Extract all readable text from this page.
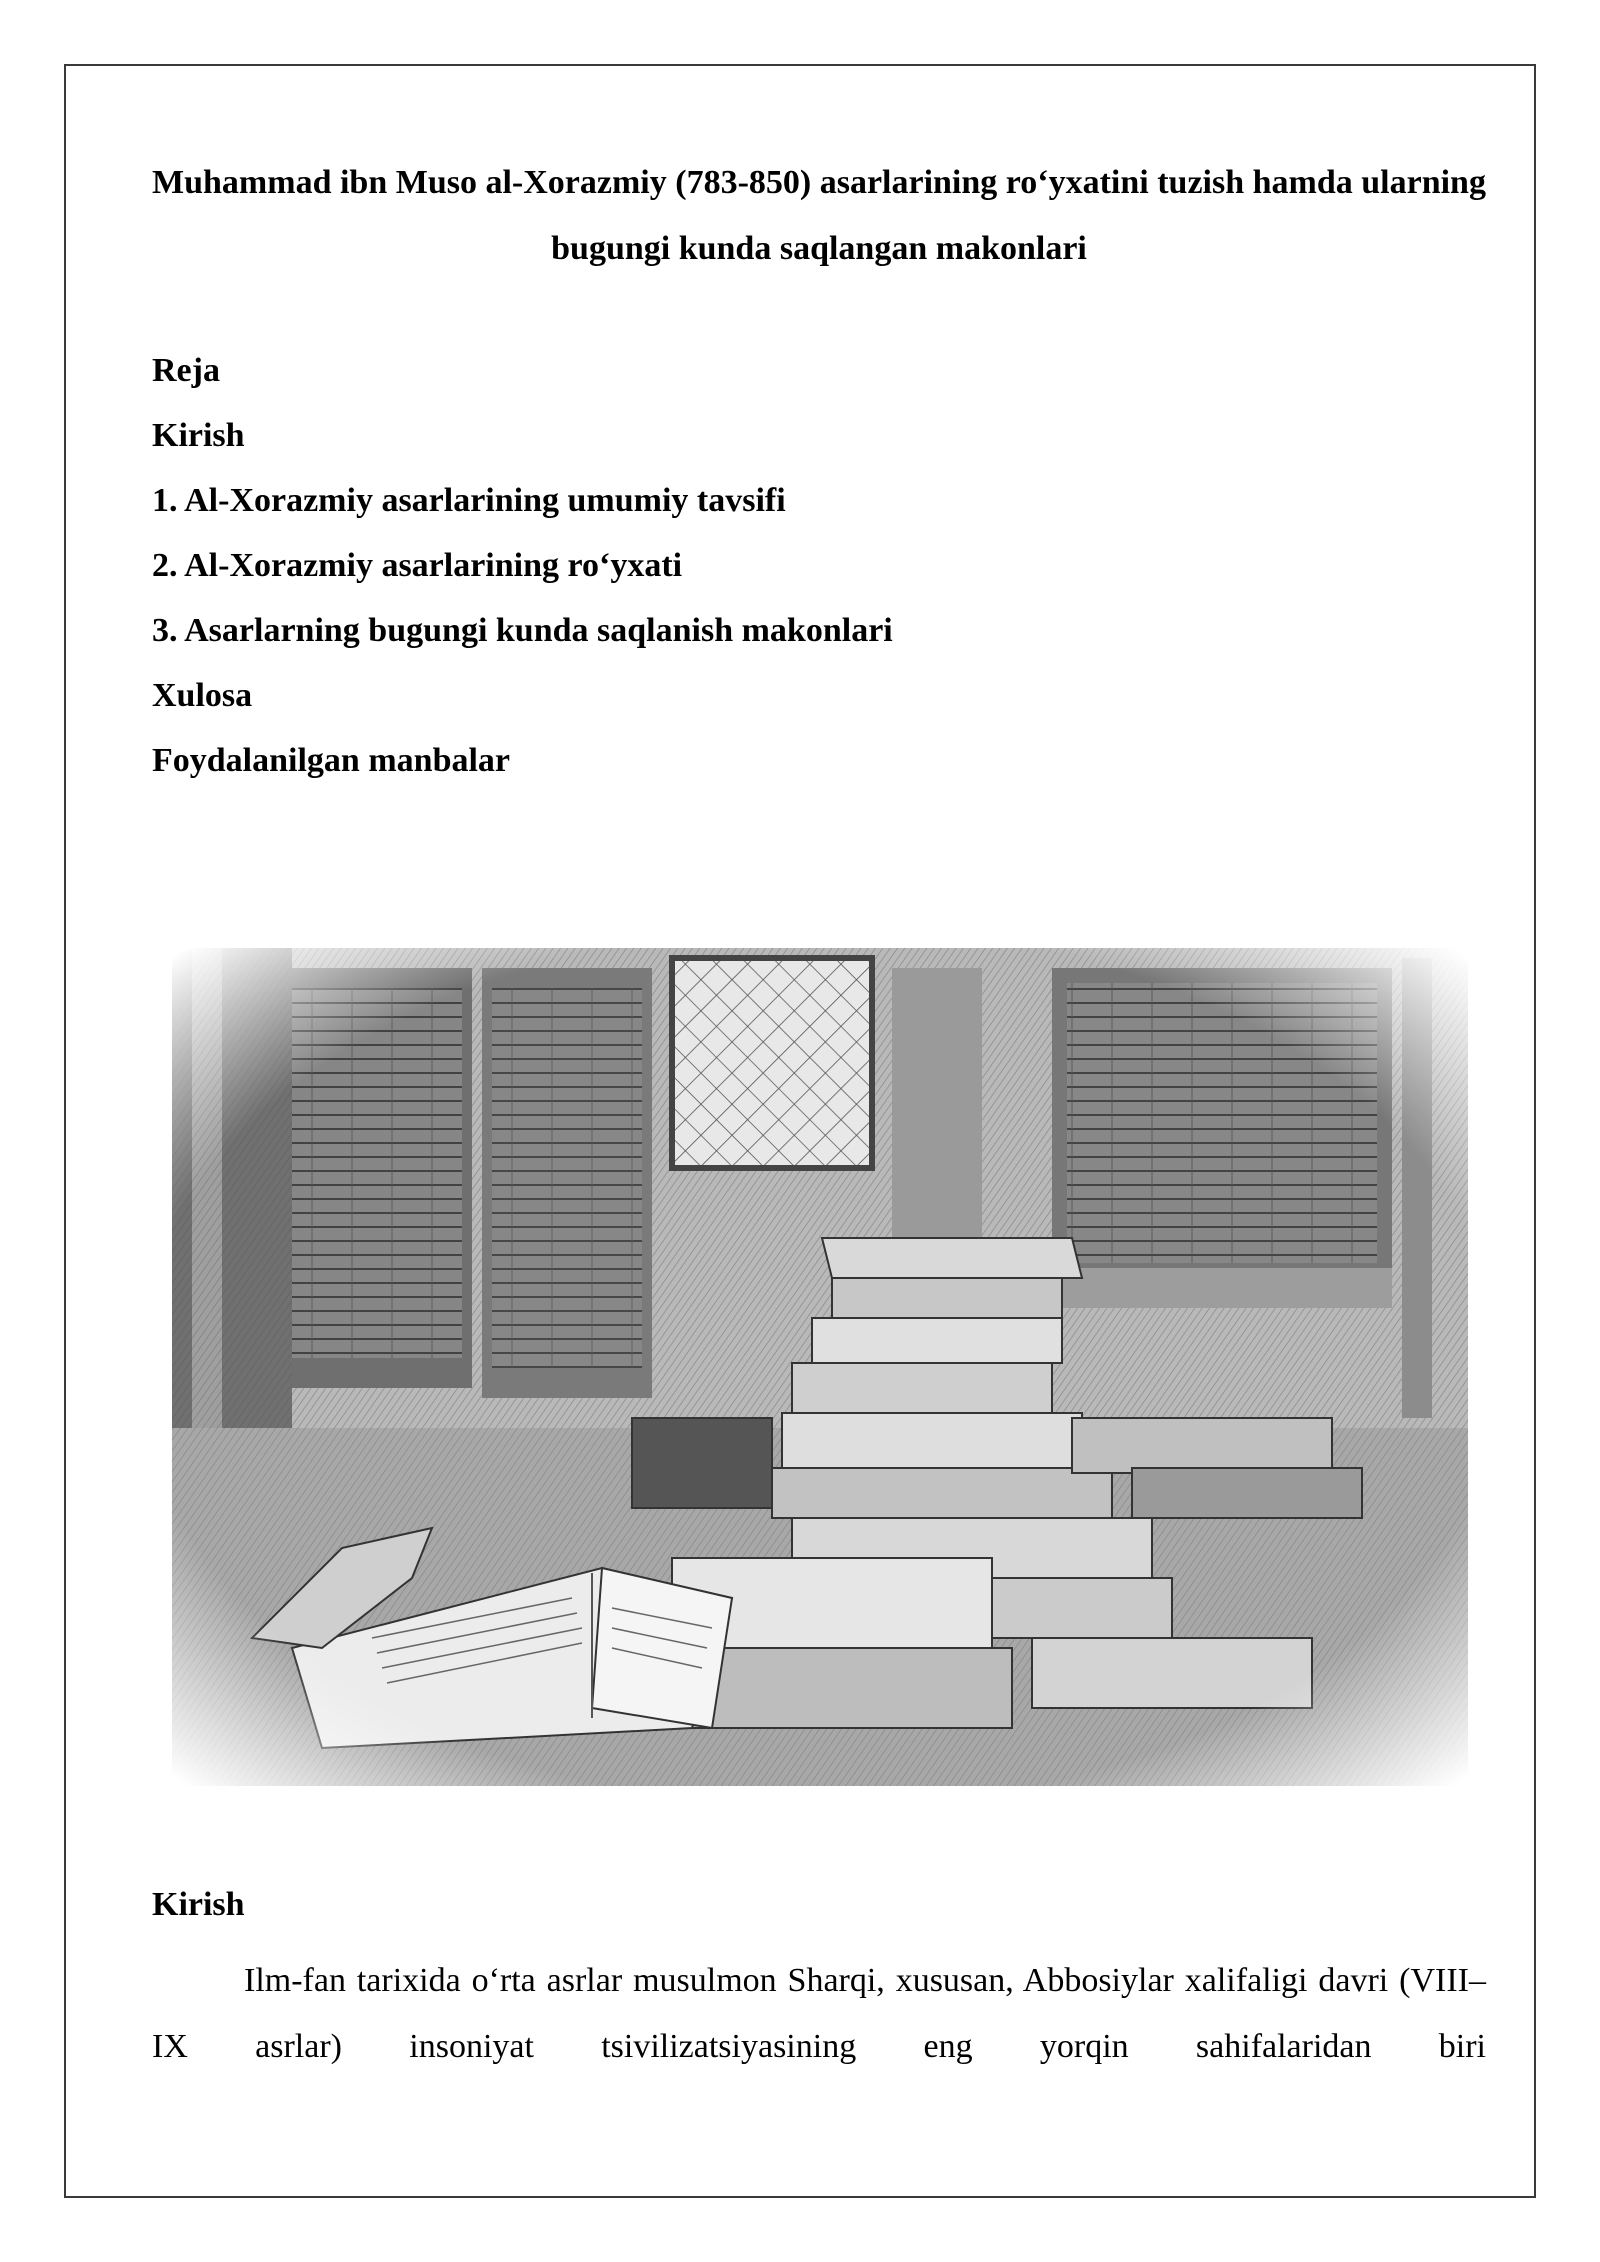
Muhammad ibn Muso al-Xorazmiy (783-850) asarlarining ro‘yxatini tuzish hamda ularning bugungi kunda saqlangan makonlari
Reja
Kirish
1. Al-Xorazmiy asarlarining umumiy tavsifi
2. Al-Xorazmiy asarlarining ro‘yxati
3. Asarlarning bugungi kunda saqlanish makonlari
Xulosa
Foydalanilgan manbalar
Kirish

Ilm-fan tarixida o‘rta asrlar musulmon Sharqi, xususan, Abbosiylar xalifaligi davri (VIII–IX asrlar) insoniyat tsivilizatsiyasining eng yorqin sahifalaridan biri
